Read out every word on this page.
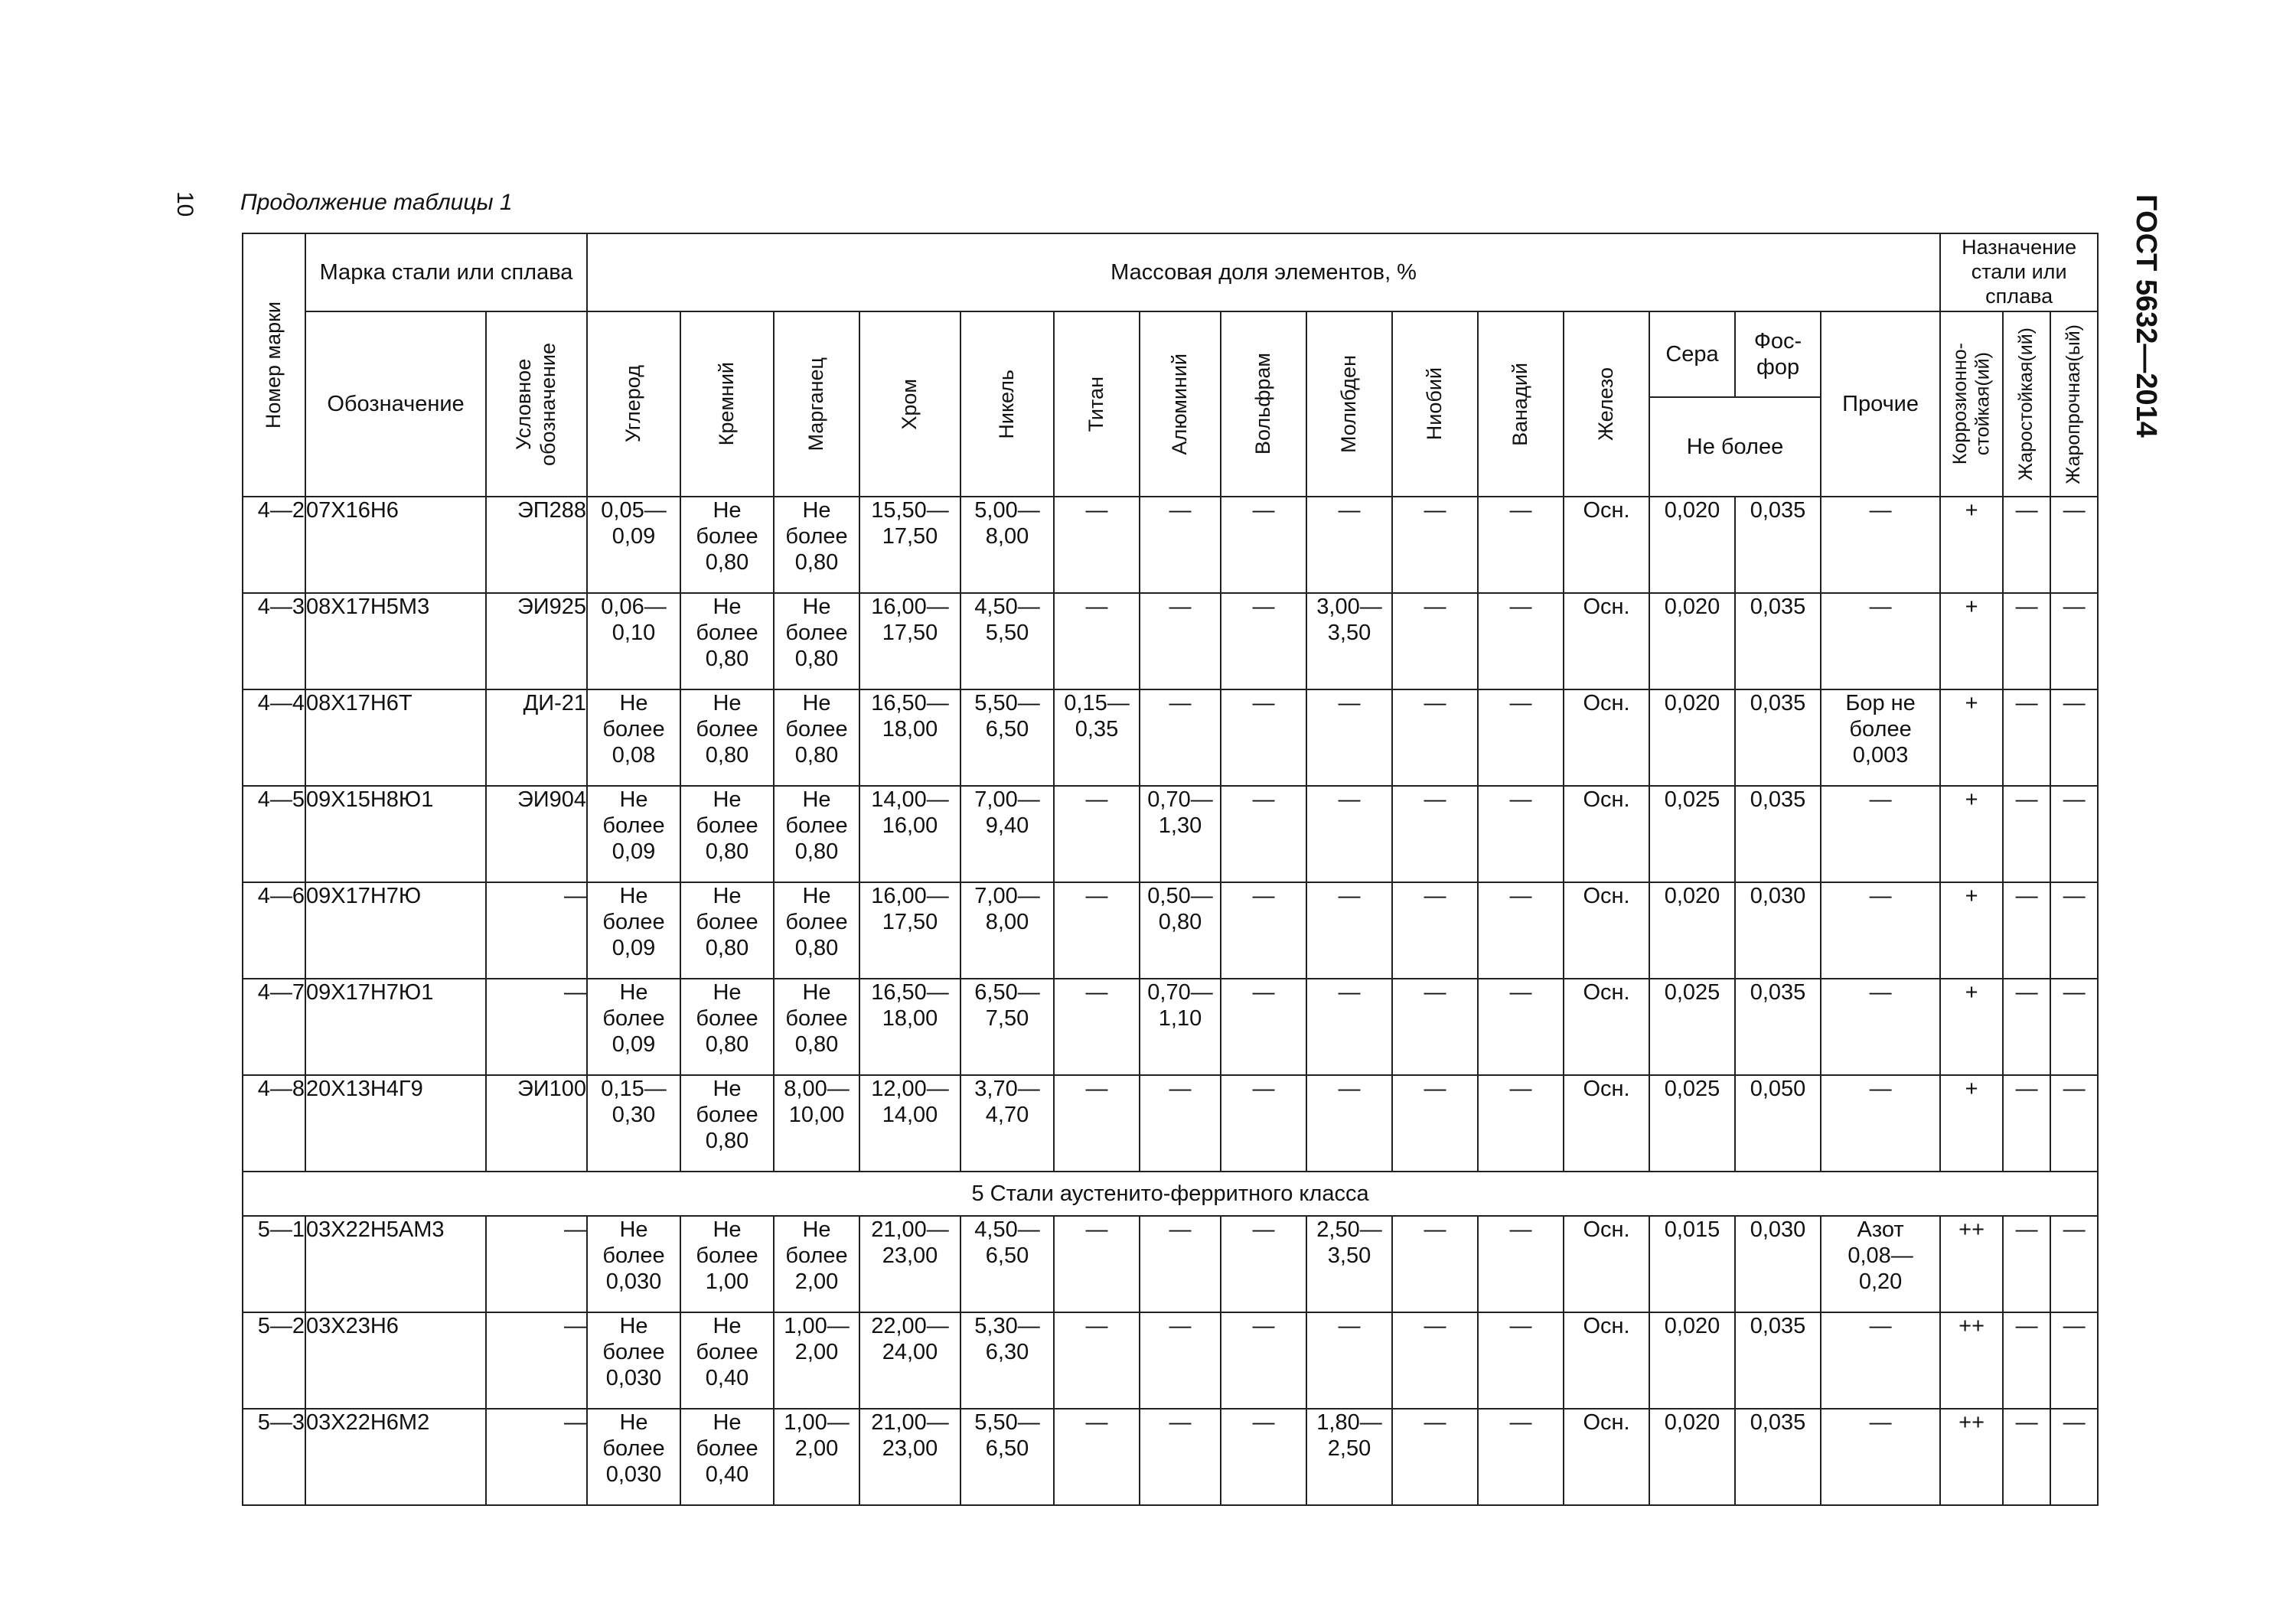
10 Продолжение таблицы 1	ГОСТ 5632—2014
Номер марки	Марка стали или сплава		Массовая доля элементов, %															Назначение
стали или
сплава		
	Обозначение	Условное
обозначение	Углерод	Кремний	Марганец	Хром	Никель	Титан	Алюминий	Вольфрам	Молибден	Ниобий	Ванадий	Железо	Сера	Фос-
фор	Прочие	Коррозионно-
стойкая(ий)	Жаростойкая(ий)	Жаропрочная(ый)

															Не более					
4—2	07Х16Н6	ЭП288	0,05—
0,09	Не
более
0,80	Не
более
0,80	15,50—
17,50	5,00—
8,00	—	—	—	—	—	—	Осн.	0,020	0,035	—	+	—	—
4—3	08Х17Н5М3	ЭИ925	0,06—
0,10	Не
более
0,80	Не
более
0,80	16,00—
17,50	4,50—
5,50	—	—	—	3,00—
3,50	—	—	Осн.	0,020	0,035	—	+	—	—
4—4	08Х17Н6Т	ДИ-21	Не
более
0,08	Не
более
0,80	Не
более
0,80	16,50—
18,00	5,50—
6,50	0,15—
0,35	—	—	—	—	—	Осн.	0,020	0,035	Бор не
более
0,003	+	—	—
4—5	09Х15Н8Ю1	ЭИ904	Не
более
0,09	Не
более
0,80	Не
более
0,80	14,00—
16,00	7,00—
9,40	—	0,70—
1,30	—	—	—	—	Осн.	0,025	0,035	—	+	—	—
4—6	09Х17Н7Ю	—	Не
более
0,09	Не
более
0,80	Не
более
0,80	16,00—
17,50	7,00—
8,00	—	0,50—
0,80	—	—	—	—	Осн.	0,020	0,030	—	+	—	—
4—7	09Х17Н7Ю1	—	Не
более
0,09	Не
более
0,80	Не
более
0,80	16,50—
18,00	6,50—
7,50	—	0,70—
1,10	—	—	—	—	Осн.	0,025	0,035	—	+	—	—
4—8	20Х13Н4Г9	ЭИ100	0,15—
0,30	Не
более
0,80	8,00—
10,00	12,00—
14,00	3,70—
4,70	—	—	—	—	—	—	Осн.	0,025	0,050	—	+	—	—
5 Стали аустенито-ферритного класса																				
5—1	03Х22Н5АМ3	—	Не
более
0,030	Не
более
1,00	Не
более
2,00	21,00—
23,00	4,50—
6,50	—	—	—	2,50—
3,50	—	—	Осн.	0,015	0,030	Азот
0,08—
0,20	++	—	—
5—2	03Х23Н6	—	Не
более
0,030	Не
более
0,40	1,00—
2,00	22,00—
24,00	5,30—
6,30	—	—	—	—	—	—	Осн.	0,020	0,035	—	++	—	—
5—3	03Х22Н6М2	—	Не
более
0,030	Не
более
0,40	1,00—
2,00	21,00—
23,00	5,50—
6,50	—	—	—	1,80—
2,50	—	—	Осн.	0,020	0,035	—	++	—	—
